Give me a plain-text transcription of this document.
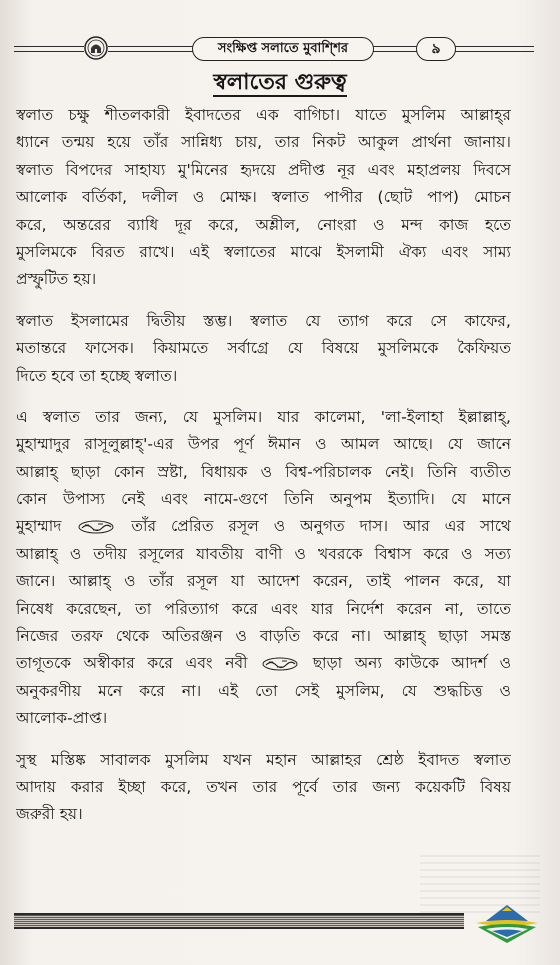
সংক্ষিপ্ত সলাতে মুবাশ্শির	৯
স্বলাতের গুরুত্ব
স্বলাত চক্ষু শীতলকারী ইবাদতের এক বাগিচা। যাতে মুসলিম আল্লাহ্‌র
ধ্যানে তন্ময় হয়ে তাঁর সান্নিধ্য চায়, তার নিকট আকুল প্রার্থনা জানায়।
স্বলাত বিপদের সাহায্য মু'মিনের হৃদয়ে প্রদীপ্ত নূর এবং মহাপ্রলয় দিবসে
আলোক বর্তিকা, দলীল ও মোক্ষ। স্বলাত পাপীর (ছোট পাপ) মোচন
করে, অন্তরের ব্যাধি দূর করে, অশ্লীল, নোংরা ও মন্দ কাজ হতে
মুসলিমকে বিরত রাখে। এই স্বলাতের মাঝে ইসলামী ঐক্য এবং সাম্য
প্রস্ফুটিত হয়।
স্বলাত ইসলামের দ্বিতীয় স্তম্ভ। স্বলাত যে ত্যাগ করে সে কাফের,
মতান্তরে ফাসেক। কিয়ামতে সর্বাগ্রে যে বিষয়ে মুসলিমকে কৈফিয়ত
দিতে হবে তা হচ্ছে স্বলাত।
এ স্বলাত তার জন্য, যে মুসলিম। যার কালেমা, 'লা-ইলাহা ইল্লাল্লাহ্‌,
মুহাম্মাদুর রাসূলুল্লাহ্‌'-এর উপর পূর্ণ ঈমান ও আমল আছে। যে জানে
আল্লাহ্‌ ছাড়া কোন স্রষ্টা, বিধায়ক ও বিশ্ব-পরিচালক নেই। তিনি ব্যতীত
কোন উপাস্য নেই এবং নামে-গুণে তিনি অনুপম ইত্যাদি। যে মানে
মুহাম্মাদ	তাঁর প্রেরিত রসূল ও অনুগত দাস। আর এর সাথে
আল্লাহ্‌ ও তদীয় রসূলের যাবতীয় বাণী ও খবরকে বিশ্বাস করে ও সত্য
জানে। আল্লাহ্‌ ও তাঁর রসূল যা আদেশ করেন, তাই পালন করে, যা
নিষেধ করেছেন, তা পরিত্যাগ করে এবং যার নির্দেশ করেন না, তাতে
নিজের তরফ থেকে অতিরঞ্জন ও বাড়তি করে না। আল্লাহ্‌ ছাড়া সমস্ত
তাগূতকে অস্বীকার করে এবং নবী	ছাড়া অন্য কাউকে আদর্শ ও
অনুকরণীয় মনে করে না। এই তো সেই মুসলিম, যে শুদ্ধচিত্ত ও
আলোক-প্রাপ্ত।
সুস্থ মস্তিষ্ক সাবালক মুসলিম যখন মহান আল্লাহর শ্রেষ্ঠ ইবাদত স্বলাত
আদায় করার ইচ্ছা করে, তখন তার পূর্বে তার জন্য কয়েকটি বিষয়
জরুরী হয়।
